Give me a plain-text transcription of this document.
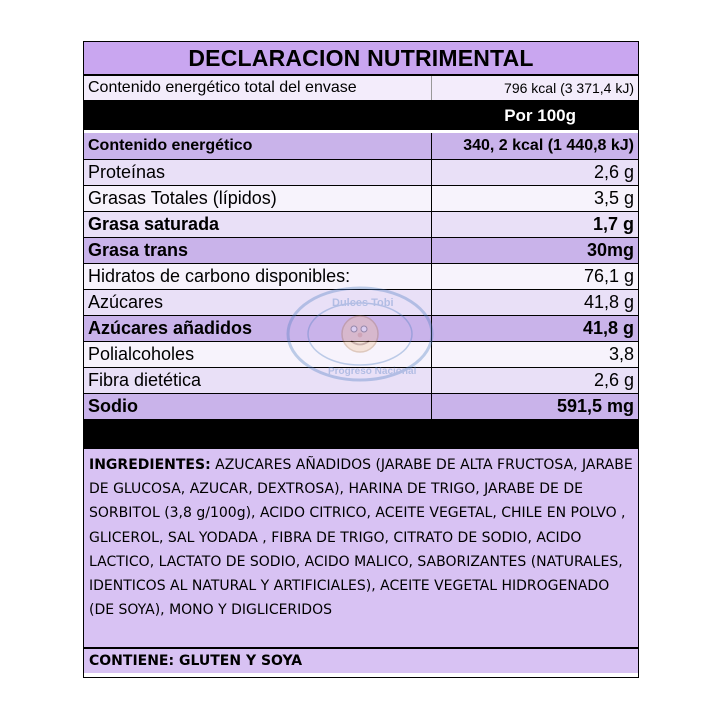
DECLARACION NUTRIMENTAL
Contenido energético total del envase	796 kcal (3 371,4 kJ)
Por 100g
Contenido energético	340, 2 kcal (1 440,8 kJ)
Proteínas	2,6 g
Grasas Totales (lípidos)	3,5 g
Grasa saturada	1,7 g
Grasa trans	30mg
Hidratos de carbono disponibles:	76,1 g
Azúcares	41,8 g
Azúcares añadidos	41,8 g
Polialcoholes	3,8
Fibra dietética	2,6 g
Sodio	591,5 mg
INGREDIENTES: AZUCARES AÑADIDOS (JARABE DE ALTA FRUCTOSA, JARABE DE GLUCOSA, AZUCAR, DEXTROSA), HARINA DE TRIGO, JARABE DE DE SORBITOL (3,8 g/100g), ACIDO CITRICO, ACEITE VEGETAL, CHILE EN POLVO , GLICEROL, SAL YODADA , FIBRA DE TRIGO, CITRATO DE SODIO, ACIDO LACTICO, LACTATO DE SODIO, ACIDO MALICO, SABORIZANTES (NATURALES, IDENTICOS AL NATURAL Y ARTIFICIALES), ACEITE VEGETAL HIDROGENADO (DE SOYA), MONO Y DIGLICERIDOS
CONTIENE: GLUTEN Y SOYA
Dulces Tobi
Progreso Nacional
